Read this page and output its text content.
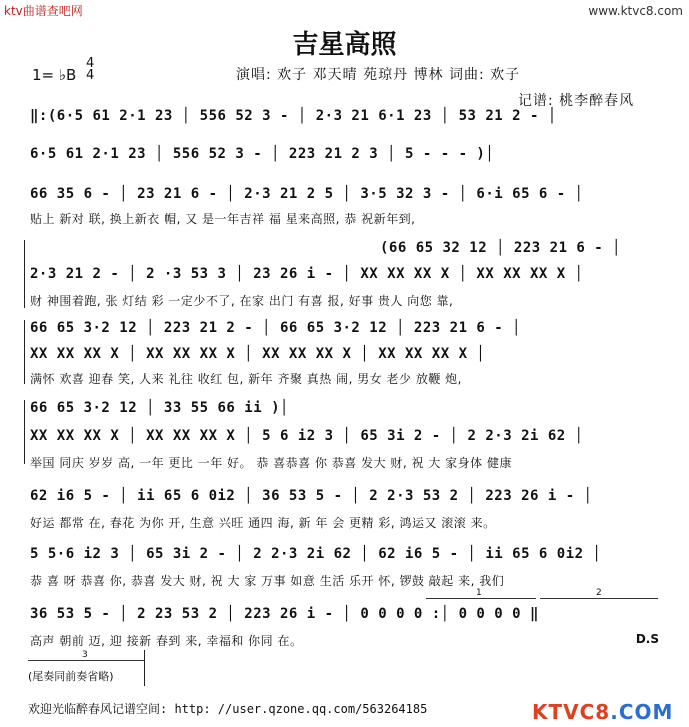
ktv曲谱查吧网	www.ktvc8.com
吉星高照
1= ♭B
4
4	演唱: 欢子 邓天晴 苑琼丹 博林 词曲: 欢子
记谱: 桃李醉春风
‖:(6·5 61 2·1 23 │ 556 52 3 - │ 2·3 21 6·1 23 │ 53 21 2 - │
6·5 61 2·1 23 │ 556 52 3 - │ 223 21 2 3 │ 5 - - - )│
66 35 6 - │ 23 21 6 - │ 2·3 21 2 5 │ 3·5 32 3 - │ 6·i 65 6 - │
贴上 新对 联, 换上新衣 帽, 又 是一年吉祥 福 星来高照, 恭 祝新年到,
(66 65 32 12 │ 223 21 6 - │
2·3 21 2 - │ 2 ·3 53 3 │ 23 26 i - │ XX XX XX X │ XX XX XX X │
财 神围着跑, 张 灯结 彩 一定少不了, 在家 出门 有喜 报, 好事 贵人 向您 靠,
66 65 3·2 12 │ 223 21 2 - │ 66 65 3·2 12 │ 223 21 6 - │
XX XX XX X │ XX XX XX X │ XX XX XX X │ XX XX XX X │
满怀 欢喜 迎春 笑, 人来 礼往 收红 包, 新年 齐聚 真热 闹, 男女 老少 放鞭 炮,
66 65 3·2 12 │ 33 55 66 ii )│
XX XX XX X │ XX XX XX X │ 5 6 i2 3 │ 65 3i 2 - │ 2 2·3 2i 62 │
举国 同庆 岁岁 高, 一年 更比 一年 好。 恭 喜恭喜 你 恭喜 发大 财, 祝 大 家身体 健康
62 i6 5 - │ ii 65 6 0i2 │ 36 53 5 - │ 2 2·3 53 2 │ 223 26 i - │
好运 都常 在, 春花 为你 开, 生意 兴旺 通四 海, 新 年 会 更精 彩, 鸿运又 滚滚 来。
5 5·6 i2 3 │ 65 3i 2 - │ 2 2·3 2i 62 │ 62 i6 5 - │ ii 65 6 0i2 │
恭 喜 呀 恭喜 你, 恭喜 发大 财, 祝 大 家 万事 如意 生活 乐开 怀, 锣鼓 敲起 来, 我们
1	2
36 53 5 - │ 2 23 53 2 │ 223 26 i - │ 0 0 0 0 :│ 0 0 0 0 ‖
高声 朝前 迈, 迎 接新 春到 来, 幸福和 你同 在。	D.S
3
(尾奏同前奏省略)
欢迎光临醉春风记谱空间: http: //user.qzone.qq.com/563264185	KTVC8.COM
